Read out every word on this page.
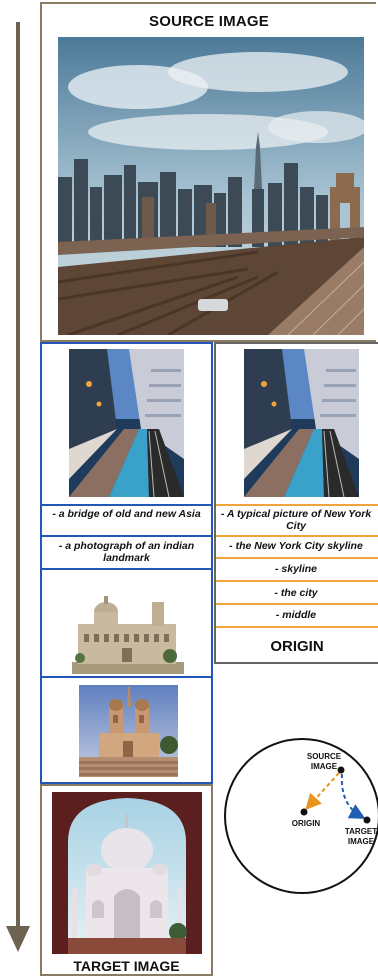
SOURCE IMAGE
- a bridge of old and new Asia
- a photograph of an indian landmark
- A typical picture of New York City
- the New York City skyline
- skyline
- the city
- middle
ORIGIN
TARGET IMAGE
SOURCE
IMAGE
ORIGIN
TARGET
IMAGE
